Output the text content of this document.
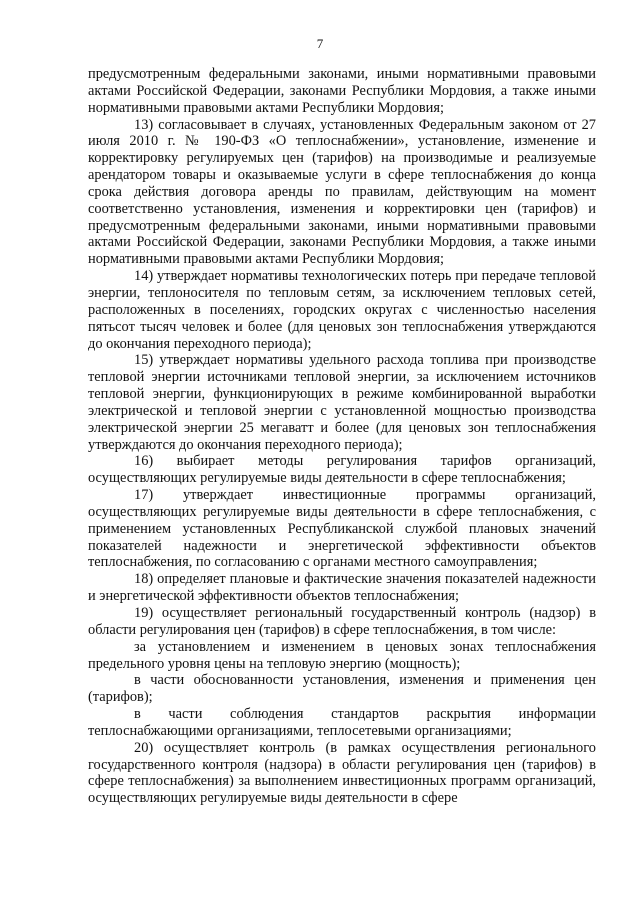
7

предусмотренным федеральными законами, иными нормативными правовыми актами Российской Федерации, законами Республики Мордовия, а также иными нормативными правовыми актами Республики Мордовия;

13) согласовывает в случаях, установленных Федеральным законом от 27 июля 2010 г. № 190-ФЗ «О теплоснабжении», установление, изменение и корректировку регулируемых цен (тарифов) на производимые и реализуемые арендатором товары и оказываемые услуги в сфере теплоснабжения до конца срока действия договора аренды по правилам, действующим на момент соответственно установления, изменения и корректировки цен (тарифов) и предусмотренным федеральными законами, иными нормативными правовыми актами Российской Федерации, законами Республики Мордовия, а также иными нормативными правовыми актами Республики Мордовия;

14) утверждает нормативы технологических потерь при передаче тепловой энергии, теплоносителя по тепловым сетям, за исключением тепловых сетей, расположенных в поселениях, городских округах с численностью населения пятьсот тысяч человек и более (для ценовых зон теплоснабжения утверждаются до окончания переходного периода);

15) утверждает нормативы удельного расхода топлива при производстве тепловой энергии источниками тепловой энергии, за исключением источников тепловой энергии, функционирующих в режиме комбинированной выработки электрической и тепловой энергии с установленной мощностью производства электрической энергии 25 мегаватт и более (для ценовых зон теплоснабжения утверждаются до окончания переходного периода);

16) выбирает методы регулирования тарифов организаций, осуществляющих регулируемые виды деятельности в сфере теплоснабжения;

17) утверждает инвестиционные программы организаций, осуществляющих регулируемые виды деятельности в сфере теплоснабжения, с применением установленных Республиканской службой плановых значений показателей надежности и энергетической эффективности объектов теплоснабжения, по согласованию с органами местного самоуправления;

18) определяет плановые и фактические значения показателей надежности и энергетической эффективности объектов теплоснабжения;

19) осуществляет региональный государственный контроль (надзор) в области регулирования цен (тарифов) в сфере теплоснабжения, в том числе:

за установлением и изменением в ценовых зонах теплоснабжения предельного уровня цены на тепловую энергию (мощность);

в части обоснованности установления, изменения и применения цен (тарифов);

в части соблюдения стандартов раскрытия информации теплоснабжающими организациями, теплосетевыми организациями;

20) осуществляет контроль (в рамках осуществления регионального государственного контроля (надзора) в области регулирования цен (тарифов) в сфере теплоснабжения) за выполнением инвестиционных программ организаций, осуществляющих регулируемые виды деятельности в сфере
